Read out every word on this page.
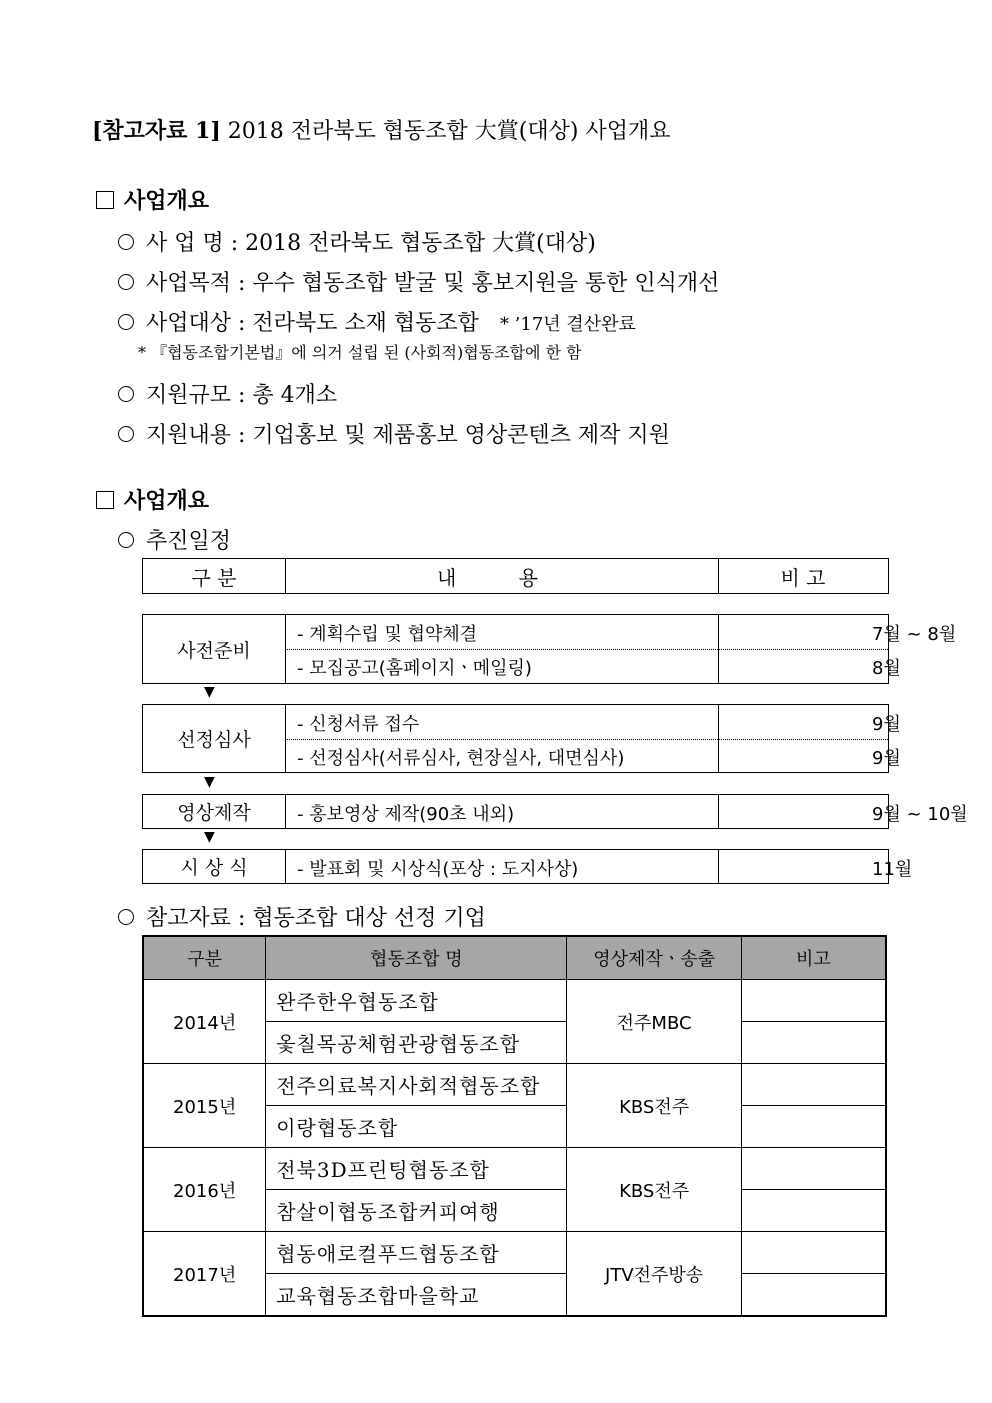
[참고자료 1] 2018 전라북도 협동조합 大賞(대상) 사업개요
사업개요
사 업 명 : 2018 전라북도 협동조합 大賞(대상)
사업목적 : 우수 협동조합 발굴 및 홍보지원을 통한 인식개선
사업대상 : 전라북도 소재 협동조합 * ’17년 결산완료
* 『협동조합기본법』에 의거 설립 된 (사회적)협동조합에 한 함
지원규모 : 총 4개소
지원내용 : 기업홍보 및 제품홍보 영상콘텐츠 제작 지원
사업개요
추진일정
구 분	내 용	비 고
사전준비
- 계획수립 및 협약체결	7월 ~ 8월
- 모집공고(홈페이지ㆍ메일링)	8월
▼
선정심사
- 신청서류 접수	9월
- 선정심사(서류심사, 현장실사, 대면심사)	9월
▼
영상제작	- 홍보영상 제작(90초 내외)	9월 ~ 10월
▼
시 상 식	- 발표회 및 시상식(포상 : 도지사상)	11월
참고자료 : 협동조합 대상 선정 기업
구분	협동조합 명	영상제작ㆍ송출	비고
2014년	완주한우협동조합	전주MBC	
	옻칠목공체험관광협동조합		
2015년	전주의료복지사회적협동조합	KBS전주	
	이랑협동조합		
2016년	전북3D프린팅협동조합	KBS전주	
	참살이협동조합커피여행		
2017년	협동애로컬푸드협동조합	JTV전주방송	
	교육협동조합마을학교		
